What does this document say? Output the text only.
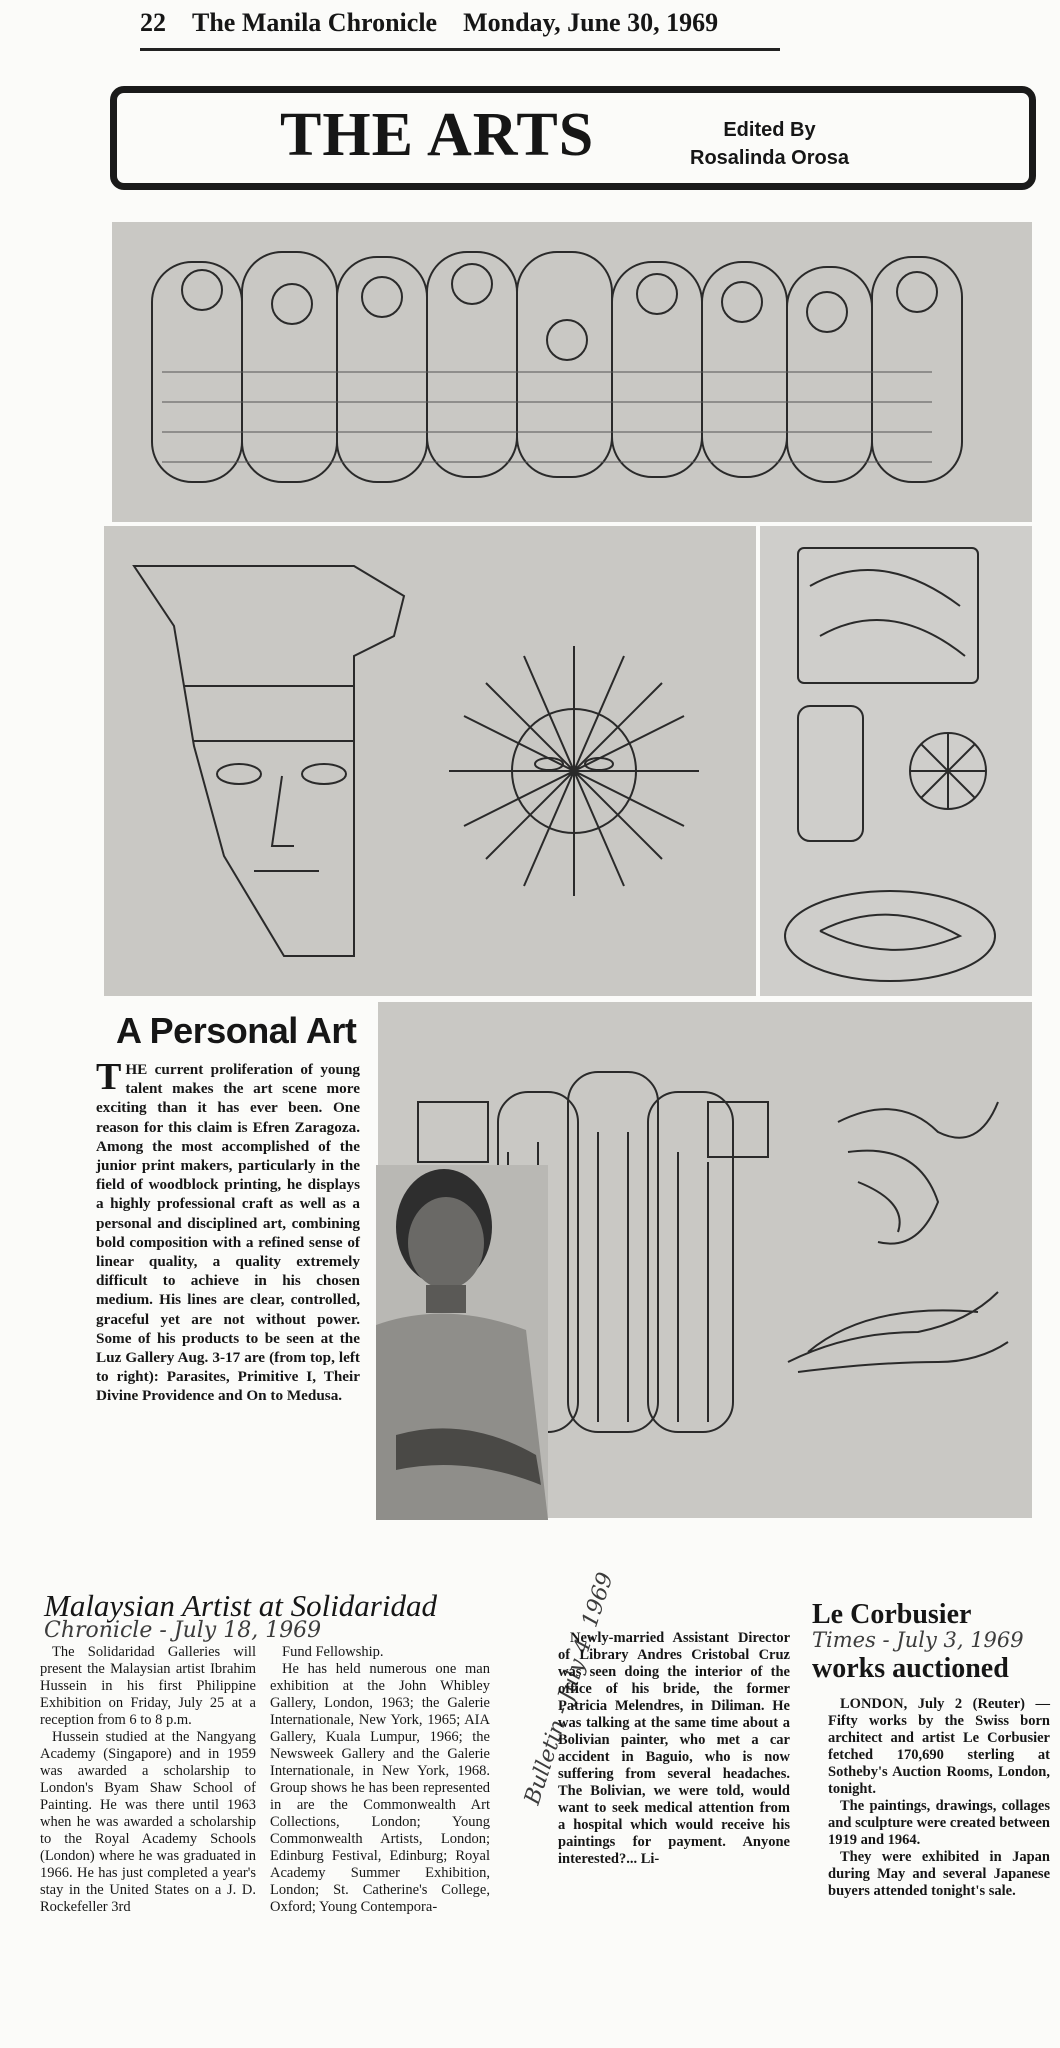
22 The Manila Chronicle Monday, June 30, 1969
THE ARTS	Edited By
Rosalinda Orosa
A Personal Art
THE current proliferation of young talent makes the art scene more exciting than it has ever been. One reason for this claim is Efren Zaragoza. Among the most accomplished of the junior print makers, particularly in the field of woodblock printing, he displays a highly professional craft as well as a personal and disciplined art, combining bold composition with a refined sense of linear quality, a quality extremely difficult to achieve in his chosen medium. His lines are clear, controlled, graceful yet are not without power. Some of his products to be seen at the Luz Gallery Aug. 3-17 are (from top, left to right): Parasites, Primitive I, Their Divine Providence and On to Medusa.
Malaysian Artist at Solidaridad
Chronicle - July 18, 1969

The Solidaridad Galleries will present the Malaysian artist Ibrahim Hussein in his first Philippine Exhibition on Friday, July 25 at a reception from 6 to 8 p.m.

Hussein studied at the Nangyang Academy (Singapore) and in 1959 was awarded a scholarship to London's Byam Shaw School of Painting. He was there until 1963 when he was awarded a scholarship to the Royal Academy Schools (London) where he was graduated in 1966. He has just completed a year's stay in the United States on a J. D. Rockefeller 3rd

Fund Fellowship.

He has held numerous one man exhibition at the John Whibley Gallery, London, 1963; the Galerie Internationale, New York, 1965; AIA Gallery, Kuala Lumpur, 1966; the Newsweek Gallery and the Galerie Internationale, in New York, 1968. Group shows he has been represented in are the Commonwealth Art Collections, London; Young Commonwealth Artists, London; Edinburg Festival, Edinburg; Royal Academy Summer Exhibition, London; St. Catherine's College, Oxford; Young Contempora-

Bulletin - July 4, 1969

Newly-married Assistant Director of Library Andres Cristobal Cruz was seen doing the interior of the office of his bride, the former Patricia Melendres, in Diliman. He was talking at the same time about a Bolivian painter, who met a car accident in Baguio, who is now suffering from several headaches. The Bolivian, we were told, would want to seek medical attention from a hospital which would receive his paintings for payment. Anyone interested?... Li-

Le Corbusier
works auctioned
Times - July 3, 1969

LONDON, July 2 (Reuter) — Fifty works by the Swiss born architect and artist Le Corbusier fetched 170,690 sterling at Sotheby's Auction Rooms, London, tonight.

The paintings, drawings, collages and sculpture were created between 1919 and 1964.

They were exhibited in Japan during May and several Japanese buyers attended tonight's sale.
